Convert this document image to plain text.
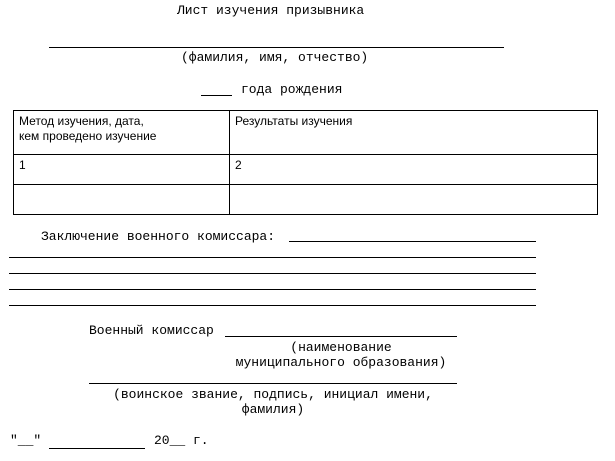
Лист изучения призывника
(фамилия, имя, отчество)
года рождения
Метод изучения, дата,
кем проведено изучение	Результаты изучения
1	2

Заключение военного комиссара:
Военный комиссар
(наименование
муниципального образования)
(воинское звание, подпись, инициал имени,
фамилия)
"__"	20__ г.
